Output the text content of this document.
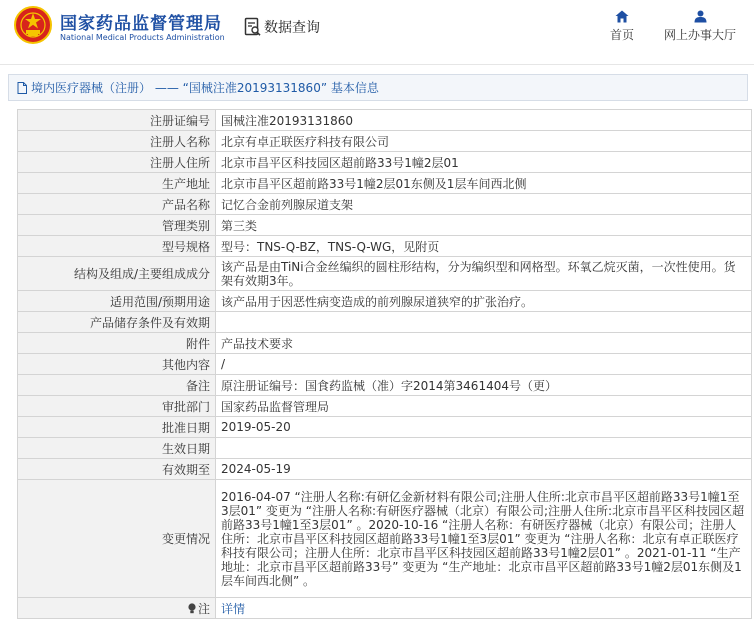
国家药品监督管理局
National Medical Products Administration
数据查询	首页	网上办事大厅
境内医疗器械（注册） —— “国械注准20193131860” 基本信息
注册证编号	国械注准20193131860
注册人名称	北京有卓正联医疗科技有限公司
注册人住所	北京市昌平区科技园区超前路33号1幢2层01
生产地址	北京市昌平区超前路33号1幢2层01东侧及1层车间西北侧
产品名称	记忆合金前列腺尿道支架
管理类别	第三类
型号规格	型号：TNS-Q-BZ，TNS-Q-WG，见附页
结构及组成/主要组成成分	该产品是由TiNi合金丝编织的圆柱形结构，分为编织型和网格型。环氧乙烷灭菌，一次性使用。货架有效期3年。
适用范围/预期用途	该产品用于因恶性病变造成的前列腺尿道狭窄的扩张治疗。
产品储存条件及有效期	
附件	产品技术要求
其他内容	/
备注	原注册证编号：国食药监械（准）字2014第3461404号（更）
审批部门	国家药品监督管理局
批准日期	2019-05-20
生效日期	
有效期至	2024-05-19
变更情况	2016-04-07 “注册人名称:有研亿金新材料有限公司;注册人住所:北京市昌平区超前路33号1幢1至3层01” 变更为 “注册人名称:有研医疗器械（北京）有限公司;注册人住所:北京市昌平区科技园区超前路33号1幢1至3层01” 。2020-10-16 “注册人名称：有研医疗器械（北京）有限公司；注册人住所：北京市昌平区科技园区超前路33号1幢1至3层01” 变更为 “注册人名称：北京有卓正联医疗科技有限公司；注册人住所：北京市昌平区科技园区超前路33号1幢2层01” 。2021-01-11 “生产地址：北京市昌平区超前路33号” 变更为 “生产地址：北京市昌平区超前路33号1幢2层01东侧及1层车间西北侧” 。
注	详情
